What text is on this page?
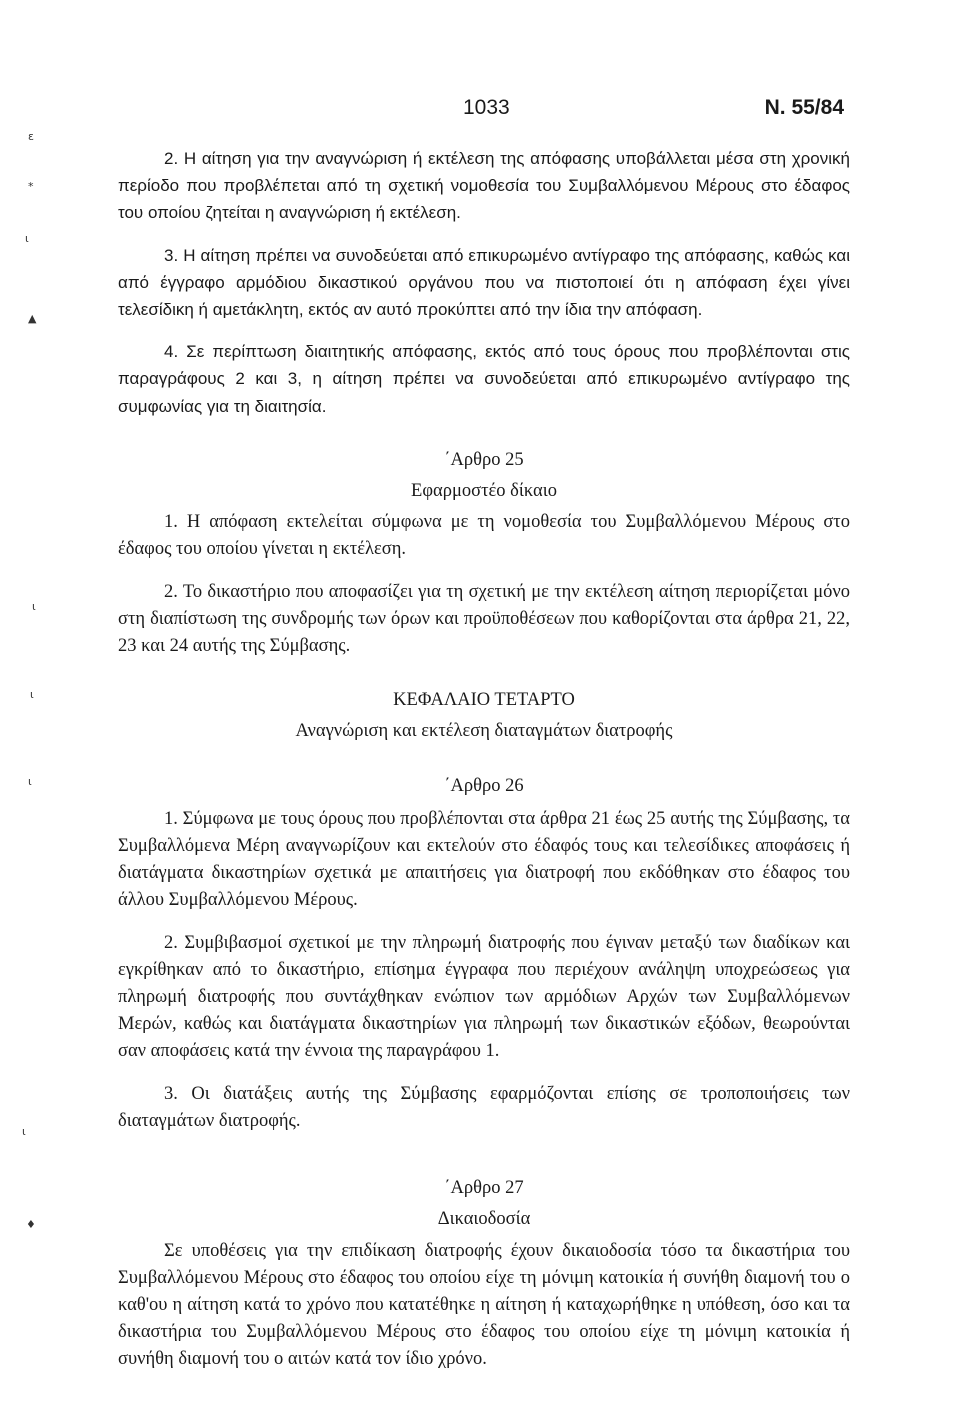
1033	Ν. 55/84

2. Η αίτηση για την αναγνώριση ή εκτέλεση της απόφασης υποβάλλεται μέσα στη χρονική περίοδο που προβλέπεται από τη σχετική νομοθεσία του Συμβαλλόμενου Μέρους στο έδαφος του οποίου ζητείται η αναγνώριση ή εκτέλεση.

3. Η αίτηση πρέπει να συνοδεύεται από επικυρωμένο αντίγραφο της απόφασης, καθώς και από έγγραφο αρμόδιου δικαστικού οργάνου που να πιστοποιεί ότι η απόφαση έχει γίνει τελεσίδικη ή αμετάκλητη, εκτός αν αυτό προκύπτει από την ίδια την απόφαση.

4. Σε περίπτωση διαιτητικής απόφασης, εκτός από τους όρους που προβλέπονται στις παραγράφους 2 και 3, η αίτηση πρέπει να συνοδεύεται από επικυρωμένο αντίγραφο της συμφωνίας για τη διαιτησία.

΄Αρθρο 25
Εφαρμοστέο δίκαιο

1. Η απόφαση εκτελείται σύμφωνα με τη νομοθεσία του Συμβαλλόμενου Μέρους στο έδαφος του οποίου γίνεται η εκτέλεση.

2. Το δικαστήριο που αποφασίζει για τη σχετική με την εκτέλεση αίτηση περιορίζεται μόνο στη διαπίστωση της συνδρομής των όρων και προϋποθέσεων που καθορίζονται στα άρθρα 21, 22, 23 και 24 αυτής της Σύμβασης.

ΚΕΦΑΛΑΙΟ ΤΕΤΑΡΤΟ
Αναγνώριση και εκτέλεση διαταγμάτων διατροφής
΄Αρθρο 26

1. Σύμφωνα με τους όρους που προβλέπονται στα άρθρα 21 έως 25 αυτής της Σύμβασης, τα Συμβαλλόμενα Μέρη αναγνωρίζουν και εκτελούν στο έδαφός τους και τελεσίδικες αποφάσεις ή διατάγματα δικαστηρίων σχετικά με απαιτήσεις για διατροφή που εκδόθηκαν στο έδαφος του άλλου Συμβαλλόμενου Μέρους.

2. Συμβιβασμοί σχετικοί με την πληρωμή διατροφής που έγιναν μεταξύ των διαδίκων και εγκρίθηκαν από το δικαστήριο, επίσημα έγγραφα που περιέχουν ανάληψη υποχρεώσεως για πληρωμή διατροφής που συντάχθηκαν ενώπιον των αρμόδιων Αρχών των Συμβαλλόμενων Μερών, καθώς και διατάγματα δικαστηρίων για πληρωμή των δικαστικών εξόδων, θεωρούνται σαν αποφάσεις κατά την έννοια της παραγράφου 1.

3. Οι διατάξεις αυτής της Σύμβασης εφαρμόζονται επίσης σε τροποποιήσεις των διαταγμάτων διατροφής.

΄Αρθρο 27
Δικαιοδοσία

Σε υποθέσεις για την επιδίκαση διατροφής έχουν δικαιοδοσία τόσο τα δικαστήρια του Συμβαλλόμενου Μέρους στο έδαφος του οποίου είχε τη μόνιμη κατοικία ή συνήθη διαμονή του ο καθ'ου η αίτηση κατά το χρόνο που κατατέθηκε η αίτηση ή καταχωρήθηκε η υπόθεση, όσο και τα δικαστήρια του Συμβαλλόμενου Μέρους στο έδαφος του οποίου είχε τη μόνιμη κατοικία ή συνήθη διαμονή του ο αιτών κατά τον ίδιο χρόνο.

ε
*
ι
▲
ι
ι
ι
ι
♦
